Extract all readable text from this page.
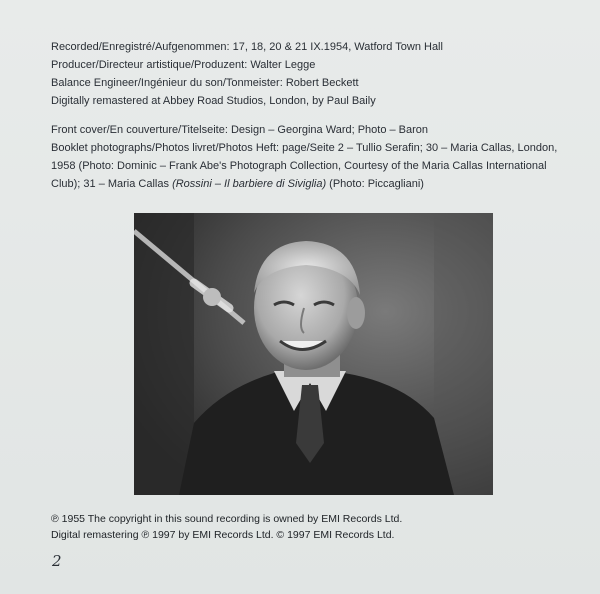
Recorded/Enregistré/Aufgenommen: 17, 18, 20 & 21 IX.1954, Watford Town Hall
Producer/Directeur artistique/Produzent: Walter Legge
Balance Engineer/Ingénieur du son/Tonmeister: Robert Beckett
Digitally remastered at Abbey Road Studios, London, by Paul Baily
Front cover/En couverture/Titelseite: Design – Georgina Ward; Photo – Baron
Booklet photographs/Photos livret/Photos Heft: page/Seite 2 – Tullio Serafin; 30 – Maria Callas, London, 1958 (Photo: Dominic – Frank Abe's Photograph Collection, Courtesy of the Maria Callas International Club); 31 – Maria Callas (Rossini – Il barbiere di Siviglia) (Photo: Piccagliani)
℗ 1955 The copyright in this sound recording is owned by EMI Records Ltd.
Digital remastering ℗ 1997 by EMI Records Ltd. © 1997 EMI Records Ltd.
2
